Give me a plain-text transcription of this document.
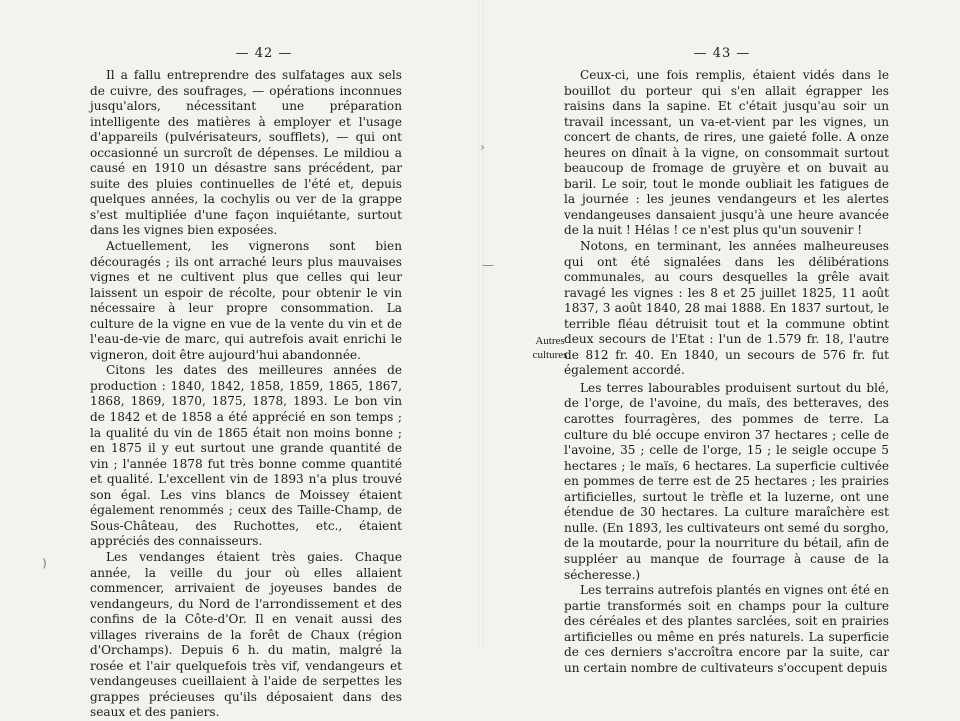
— 42 —

Il a fallu entreprendre des sulfatages aux sels de cuivre, des soufrages, — opérations inconnues jusqu'alors, nécessitant une préparation intelligente des matières à employer et l'usage d'appareils (pulvérisateurs, soufflets), — qui ont occasionné un surcroît de dépenses. Le mildiou a causé en 1910 un désastre sans précédent, par suite des pluies continuelles de l'été et, depuis quelques années, la cochylis ou ver de la grappe s'est multipliée d'une façon inquiétante, surtout dans les vignes bien exposées.

Actuellement, les vignerons sont bien découragés ; ils ont arraché leurs plus mauvaises vignes et ne cultivent plus que celles qui leur laissent un espoir de récolte, pour obtenir le vin nécessaire à leur propre consommation. La culture de la vigne en vue de la vente du vin et de l'eau-de-vie de marc, qui autrefois avait enrichi le vigneron, doit être aujourd'hui abandonnée.

Citons les dates des meilleures années de production : 1840, 1842, 1858, 1859, 1865, 1867, 1868, 1869, 1870, 1875, 1878, 1893. Le bon vin de 1842 et de 1858 a été apprécié en son temps ; la qualité du vin de 1865 était non moins bonne ; en 1875 il y eut surtout une grande quantité de vin ; l'année 1878 fut très bonne comme quantité et qualité. L'excellent vin de 1893 n'a plus trouvé son égal. Les vins blancs de Moissey étaient également renommés ; ceux des Taille-Champ, de Sous-Château, des Ruchottes, etc., étaient appréciés des connaisseurs.

Les vendanges étaient très gaies. Chaque année, la veille du jour où elles allaient commencer, arrivaient de joyeuses bandes de vendangeurs, du Nord de l'arrondissement et des confins de la Côte-d'Or. Il en venait aussi des villages riverains de la forêt de Chaux (région d'Orchamps). Depuis 6 h. du matin, malgré la rosée et l'air quelquefois très vif, vendangeurs et vendangeuses cueillaient à l'aide de serpettes les grappes précieuses qu'ils déposaient dans des seaux et des paniers.

— 43 —
Autres cultures

Ceux-ci, une fois remplis, étaient vidés dans le bouillot du porteur qui s'en allait égrapper les raisins dans la sapine. Et c'était jusqu'au soir un travail incessant, un va-et-vient par les vignes, un concert de chants, de rires, une gaieté folle. A onze heures on dînait à la vigne, on consommait surtout beaucoup de fromage de gruyère et on buvait au baril. Le soir, tout le monde oubliait les fatigues de la journée : les jeunes vendangeurs et les alertes vendangeuses dansaient jusqu'à une heure avancée de la nuit ! Hélas ! ce n'est plus qu'un souvenir !

Notons, en terminant, les années malheureuses qui ont été signalées dans les délibérations communales, au cours desquelles la grêle avait ravagé les vignes : les 8 et 25 juillet 1825, 11 août 1837, 3 août 1840, 28 mai 1888. En 1837 surtout, le terrible fléau détruisit tout et la commune obtint deux secours de l'Etat : l'un de 1.579 fr. 18, l'autre de 812 fr. 40. En 1840, un secours de 576 fr. fut également accordé.

Les terres labourables produisent surtout du blé, de l'orge, de l'avoine, du maïs, des betteraves, des carottes fourragères, des pommes de terre. La culture du blé occupe environ 37 hectares ; celle de l'avoine, 35 ; celle de l'orge, 15 ; le seigle occupe 5 hectares ; le maïs, 6 hectares. La superficie cultivée en pommes de terre est de 25 hectares ; les prairies artificielles, surtout le trèfle et la luzerne, ont une étendue de 30 hectares. La culture maraîchère est nulle. (En 1893, les cultivateurs ont semé du sorgho, de la moutarde, pour la nourriture du bétail, afin de suppléer au manque de fourrage à cause de la sécheresse.)

Les terrains autrefois plantés en vignes ont été en partie transformés soit en champs pour la culture des céréales et des plantes sarclées, soit en prairies artificielles ou même en prés naturels. La superficie de ces derniers s'accroîtra encore par la suite, car un certain nombre de cultivateurs s'occupent depuis

›
—
)
